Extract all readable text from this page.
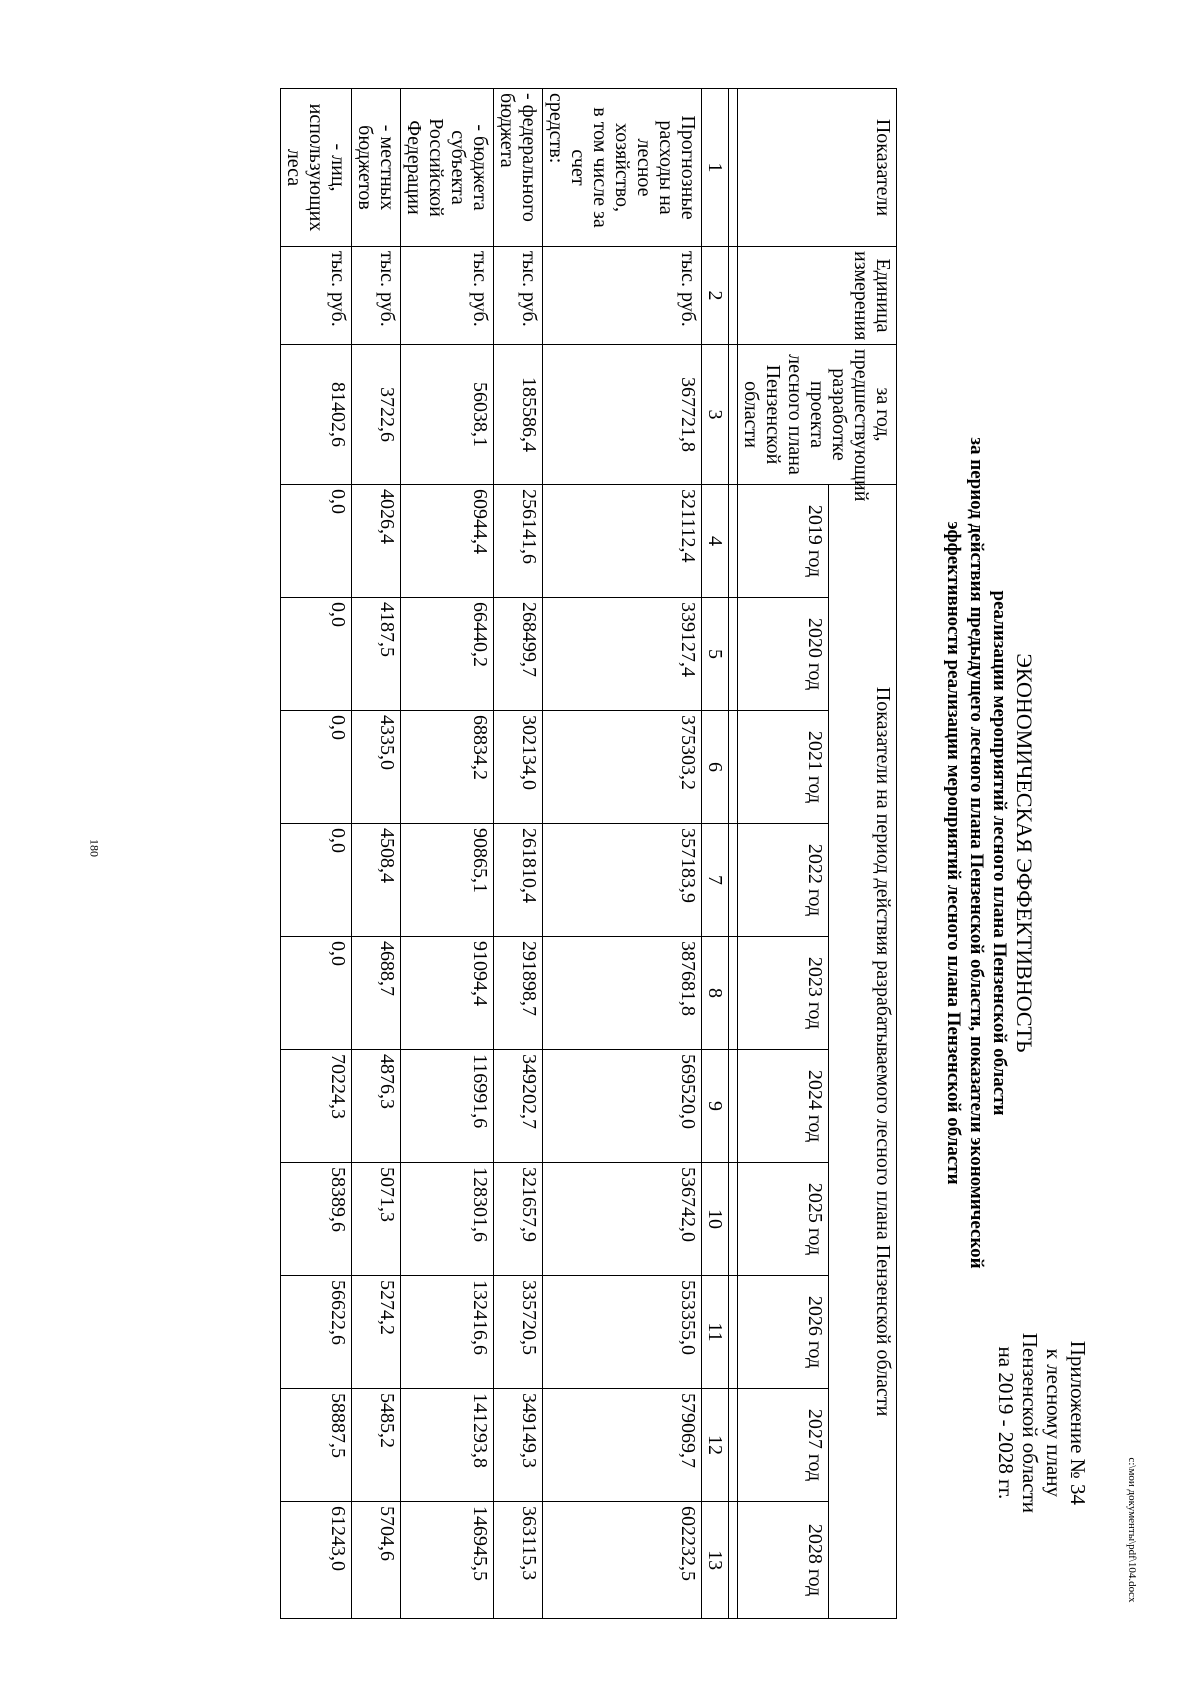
180
c:\мои документы\pdf\104.docx
Приложение № 34
к лесному плану
Пензенской области
на 2019 - 2028 гг.
ЭКОНОМИЧЕСКАЯ ЭФФЕКТИВНОСТЬ
реализации мероприятий лесного плана Пензенской области
за период действия предыдущего лесного плана Пензенской области, показатели экономической
эффективности реализации мероприятий лесного плана Пензенской области
Показатели	Единица измерения	за год, предшествующий разработке проекта лесного плана Пензенской области	Показатели на период действия разрабатываемого лесного плана Пензенской области									
			2019 год	2020 год	2021 год	2022 год	2023 год	2024 год	2025 год	2026 год	2027 год	2028 год

1	2	3	4	5	6	7	8	9	10	11	12	13

Прогнозные
расходы на лесное
хозяйство,
в том числе за счет
средств:	тыс. руб.	367721,8	321112,4	339127,4	375303,2	357183,9	387681,8	569520,0	536742,0	553355,0	579069,7	602232,5

- федерального
бюджета	тыс. руб.	185586,4	256141,6	268499,7	302134,0	261810,4	291898,7	349202,7	321657,9	335720,5	349149,3	363115,3

- бюджета
субъекта
Российской
Федерации	тыс. руб.	56038,1	60944,4	66440,2	68834,2	90865,1	91094,4	116991,6	128301,6	132416,6	141293,8	146945,5

- местных
бюджетов	тыс. руб.	3722,6	4026,4	4187,5	4335,0	4508,4	4688,7	4876,3	5071,3	5274,2	5485,2	5704,6

- лиц,
использующих
леса	тыс. руб.	81402,6	0,0	0,0	0,0	0,0	0,0	70224,3	58389,6	56622,6	58887,5	61243,0
